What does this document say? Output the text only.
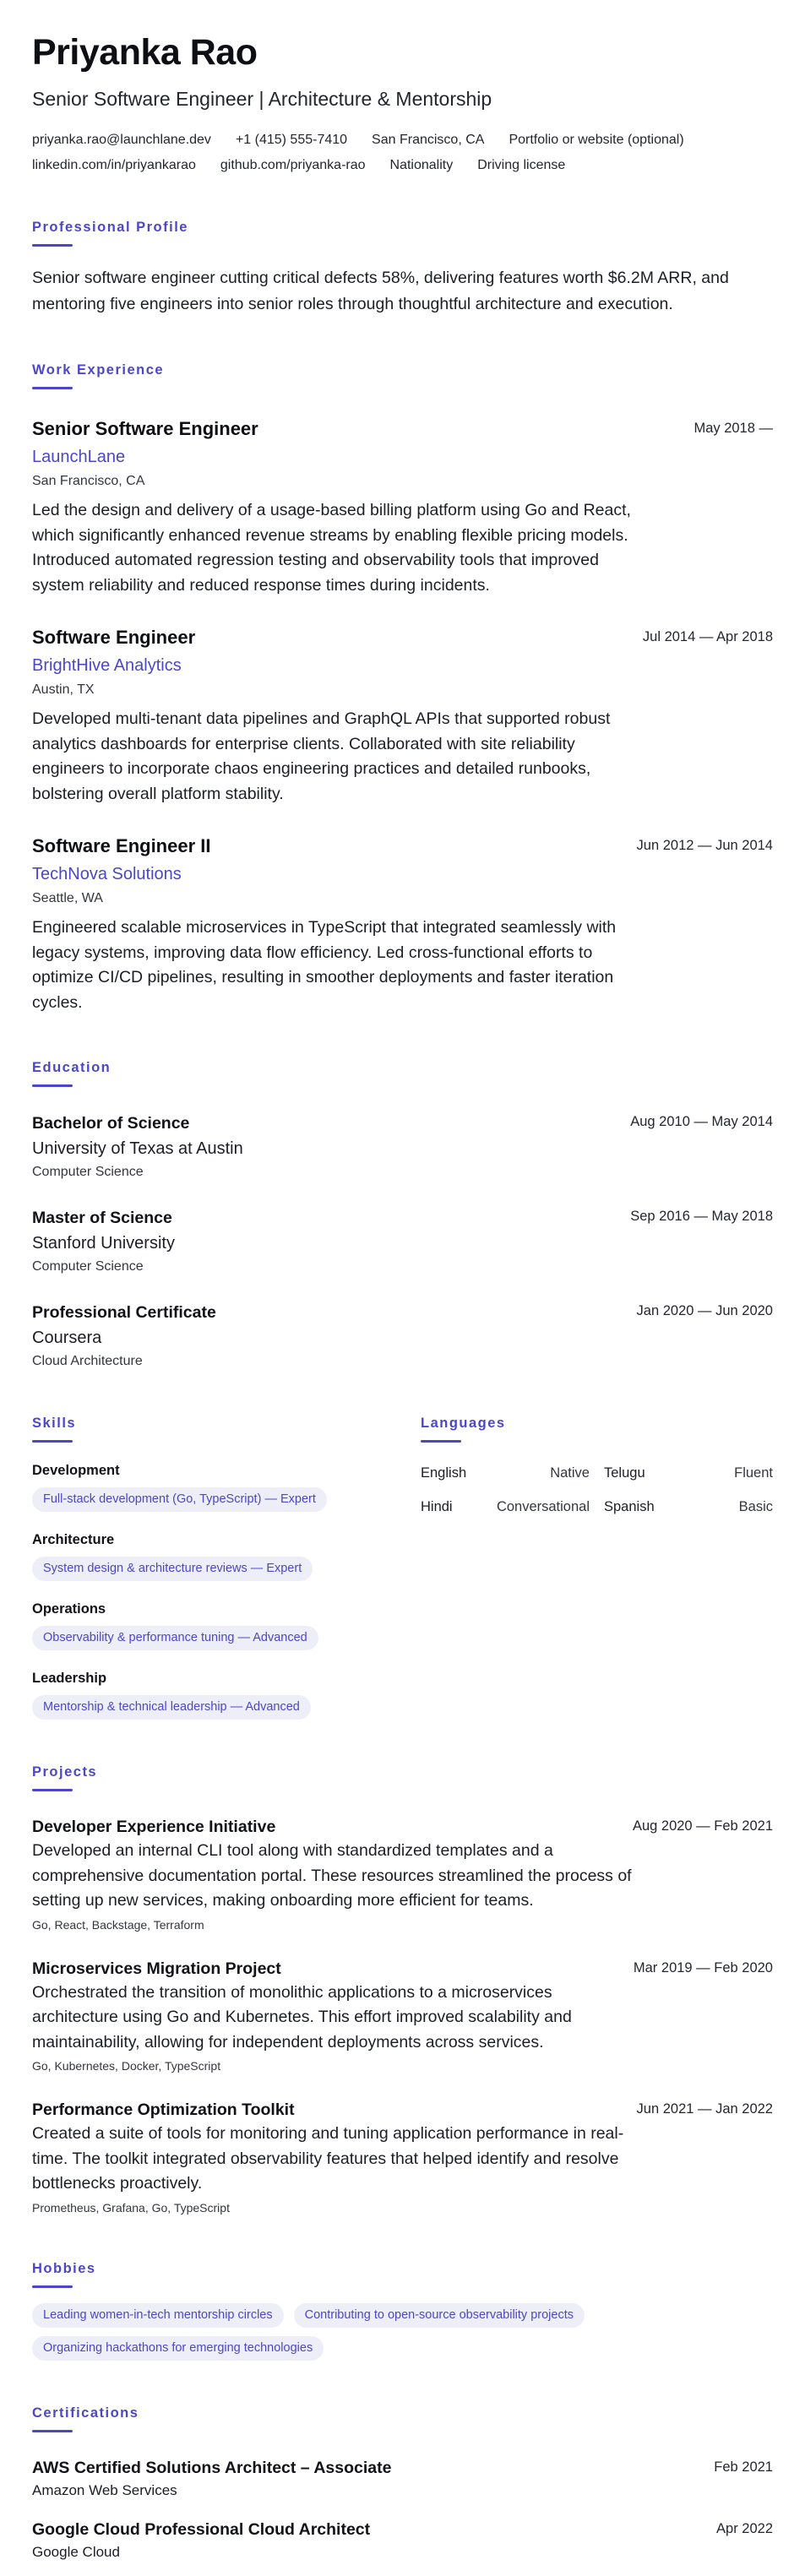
Priyanka Rao
Senior Software Engineer | Architecture & Mentorship
priyanka.rao@launchlane.dev +1 (415) 555-7410 San Francisco, CA Portfolio or website (optional)
linkedin.com/in/priyankarao github.com/priyanka-rao Nationality Driving license
Professional Profile

Senior software engineer cutting critical defects 58%, delivering features worth $6.2M ARR, and mentoring five engineers into senior roles through thoughtful architecture and execution.

Work Experience
Senior Software Engineer	May 2018 —
LaunchLane
San Francisco, CA

Led the design and delivery of a usage-based billing platform using Go and React, which significantly enhanced revenue streams by enabling flexible pricing models. Introduced automated regression testing and observability tools that improved system reliability and reduced response times during incidents.

Software Engineer	Jul 2014 — Apr 2018
BrightHive Analytics
Austin, TX

Developed multi-tenant data pipelines and GraphQL APIs that supported robust analytics dashboards for enterprise clients. Collaborated with site reliability engineers to incorporate chaos engineering practices and detailed runbooks, bolstering overall platform stability.

Software Engineer II	Jun 2012 — Jun 2014
TechNova Solutions
Seattle, WA

Engineered scalable microservices in TypeScript that integrated seamlessly with legacy systems, improving data flow efficiency. Led cross-functional efforts to optimize CI/CD pipelines, resulting in smoother deployments and faster iteration cycles.

Education
Bachelor of Science	Aug 2010 — May 2014
University of Texas at Austin
Computer Science
Master of Science	Sep 2016 — May 2018
Stanford University
Computer Science
Professional Certificate	Jan 2020 — Jun 2020
Coursera
Cloud Architecture
Skills
Development
Full-stack development (Go, TypeScript) — Expert
Architecture
System design & architecture reviews — Expert
Operations
Observability & performance tuning — Advanced
Leadership
Mentorship & technical leadership — Advanced
Languages
English	Native Telugu	Fluent
Hindi	Conversational Spanish	Basic
Projects
Developer Experience Initiative	Aug 2020 — Feb 2021

Developed an internal CLI tool along with standardized templates and a comprehensive documentation portal. These resources streamlined the process of setting up new services, making onboarding more efficient for teams.

Go, React, Backstage, Terraform
Microservices Migration Project	Mar 2019 — Feb 2020

Orchestrated the transition of monolithic applications to a microservices architecture using Go and Kubernetes. This effort improved scalability and maintainability, allowing for independent deployments across services.

Go, Kubernetes, Docker, TypeScript
Performance Optimization Toolkit	Jun 2021 — Jan 2022

Created a suite of tools for monitoring and tuning application performance in real-time. The toolkit integrated observability features that helped identify and resolve bottlenecks proactively.

Prometheus, Grafana, Go, TypeScript
Hobbies
Leading women-in-tech mentorship circles	Contributing to open-source observability projects
Organizing hackathons for emerging technologies
Certifications
AWS Certified Solutions Architect – Associate	Feb 2021
Amazon Web Services
Google Cloud Professional Cloud Architect	Apr 2022
Google Cloud
